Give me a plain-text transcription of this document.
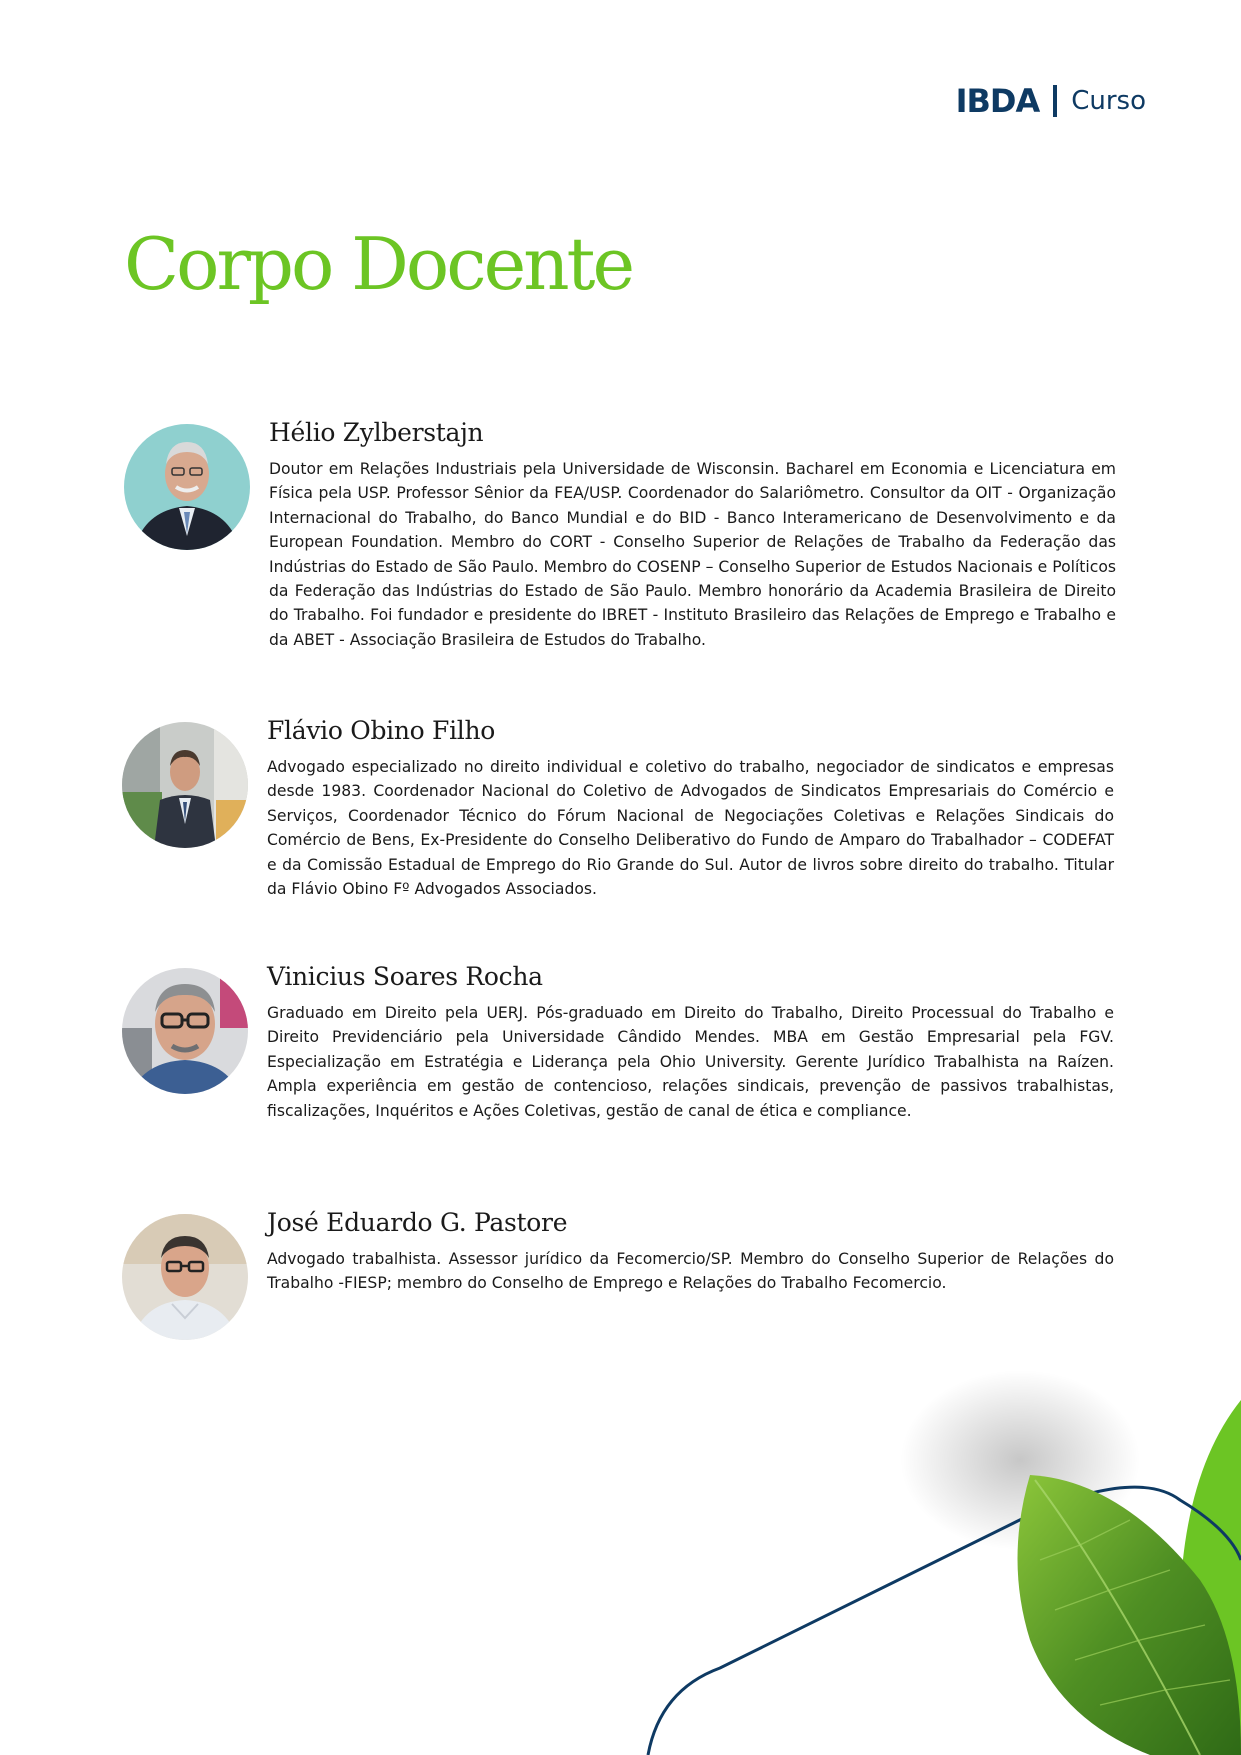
IBDA Curso
Corpo Docente
Hélio Zylberstajn

Doutor em Relações Industriais pela Universidade de Wisconsin. Bacharel em Economia e Licenciatura em Física pela USP. Professor Sênior da FEA/USP. Coordenador do Salariômetro. Consultor da OIT - Organização Internacional do Trabalho, do Banco Mundial e do BID - Banco Interamericano de Desenvolvimento e da European Foundation. Membro do CORT - Conselho Superior de Relações de Trabalho da Federação das Indústrias do Estado de São Paulo. Membro do COSENP – Conselho Superior de Estudos Nacionais e Políticos da Federação das Indústrias do Estado de São Paulo. Membro honorário da Academia Brasileira de Direito do Trabalho. Foi fundador e presidente do IBRET - Instituto Brasileiro das Relações de Emprego e Trabalho e da ABET - Associação Brasileira de Estudos do Trabalho.

Flávio Obino Filho

Advogado especializado no direito individual e coletivo do trabalho, negociador de sindicatos e empresas desde 1983. Coordenador Nacional do Coletivo de Advogados de Sindicatos Empresariais do Comércio e Serviços, Coordenador Técnico do Fórum Nacional de Negociações Coletivas e Relações Sindicais do Comércio de Bens, Ex-Presidente do Conselho Deliberativo do Fundo de Amparo do Trabalhador – CODEFAT e da Comissão Estadual de Emprego do Rio Grande do Sul. Autor de livros sobre direito do trabalho. Titular da Flávio Obino Fº Advogados Associados.

Vinicius Soares Rocha

Graduado em Direito pela UERJ. Pós-graduado em Direito do Trabalho, Direito Processual do Trabalho e Direito Previdenciário pela Universidade Cândido Mendes. MBA em Gestão Empresarial pela FGV. Especialização em Estratégia e Liderança pela Ohio University. Gerente Jurídico Trabalhista na Raízen. Ampla experiência em gestão de contencioso, relações sindicais, prevenção de passivos trabalhistas, fiscalizações, Inquéritos e Ações Coletivas, gestão de canal de ética e compliance.

José Eduardo G. Pastore

Advogado trabalhista. Assessor jurídico da Fecomercio/SP. Membro do Conselho Superior de Relações do Trabalho -FIESP; membro do Conselho de Emprego e Relações do Trabalho Fecomercio.
